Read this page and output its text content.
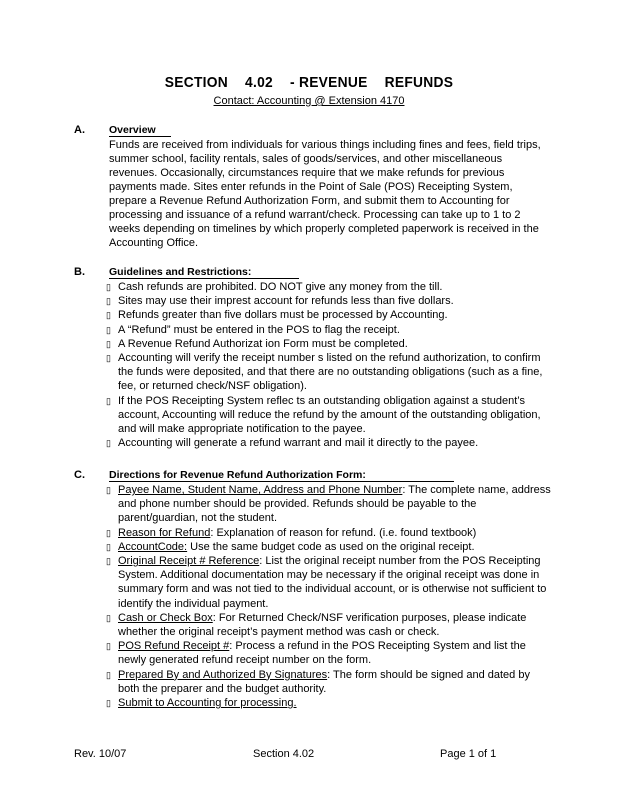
SECTION 4.02 - REVENUE REFUNDS
Contact: Accounting @ Extension 4170
A. Overview
Funds are received from individuals for various things including fines and fees, field trips, summer school, facility rentals, sales of goods/services, and other miscellaneous revenues. Occasionally, circumstances require that we make refunds for previous payments made. Sites enter refunds in the Point of Sale (POS) Receipting System, prepare a Revenue Refund Authorization Form, and submit them to Accounting for processing and issuance of a refund warrant/check. Processing can take up to 1 to 2 weeks depending on timelines by which properly completed paperwork is received in the Accounting Office.
B. Guidelines and Restrictions:
▯ Cash refunds are prohibited. DO NOT give any money from the till.
▯ Sites may use their imprest account for refunds less than five dollars.
▯ Refunds greater than five dollars must be processed by Accounting.
▯ A “Refund” must be entered in the POS to flag the receipt.
▯ A Revenue Refund Authorizat ion Form must be completed.
▯ Accounting will verify the receipt number s listed on the refund authorization, to confirm the funds were deposited, and that there are no outstanding obligations (such as a fine, fee, or returned check/NSF obligation).
▯ If the POS Receipting System reflec ts an outstanding obligation against a student’s account, Accounting will reduce the refund by the amount of the outstanding obligation, and will make appropriate notification to the payee.
▯ Accounting will generate a refund warrant and mail it directly to the payee.
C. Directions for Revenue Refund Authorization Form:
▯ Payee Name, Student Name, Address and Phone Number: The complete name, address and phone number should be provided. Refunds should be payable to the parent/guardian, not the student.
▯ Reason for Refund: Explanation of reason for refund. (i.e. found textbook)
▯ AccountCode: Use the same budget code as used on the original receipt.
▯ Original Receipt # Reference: List the original receipt number from the POS Receipting System. Additional documentation may be necessary if the original receipt was done in summary form and was not tied to the individual account, or is otherwise not sufficient to identify the individual payment.
▯ Cash or Check Box: For Returned Check/NSF verification purposes, please indicate whether the original receipt’s payment method was cash or check.
▯ POS Refund Receipt #: Process a refund in the POS Receipting System and list the newly generated refund receipt number on the form.
▯ Prepared By and Authorized By Signatures: The form should be signed and dated by both the preparer and the budget authority.
▯ Submit to Accounting for processing.
Rev. 10/07	Section 4.02	Page 1 of 1
